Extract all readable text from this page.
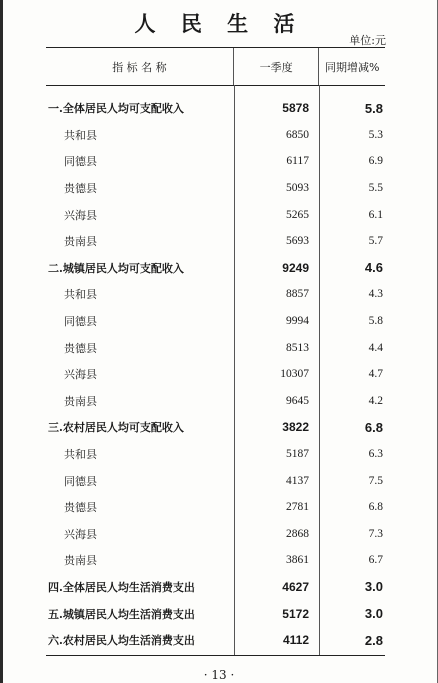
人 民 生 活
单位:元
指 标 名 称	一季度	同期增减%
一.全体居民人均可支配收入	5878	5.8
共和县	6850	5.3
同德县	6117	6.9
贵德县	5093	5.5
兴海县	5265	6.1
贵南县	5693	5.7
二.城镇居民人均可支配收入	9249	4.6
共和县	8857	4.3
同德县	9994	5.8
贵德县	8513	4.4
兴海县	10307	4.7
贵南县	9645	4.2
三.农村居民人均可支配收入	3822	6.8
共和县	5187	6.3
同德县	4137	7.5
贵德县	2781	6.8
兴海县	2868	7.3
贵南县	3861	6.7
四.全体居民人均生活消费支出	4627	3.0
五.城镇居民人均生活消费支出	5172	3.0
六.农村居民人均生活消费支出	4112	2.8
· 13 ·
